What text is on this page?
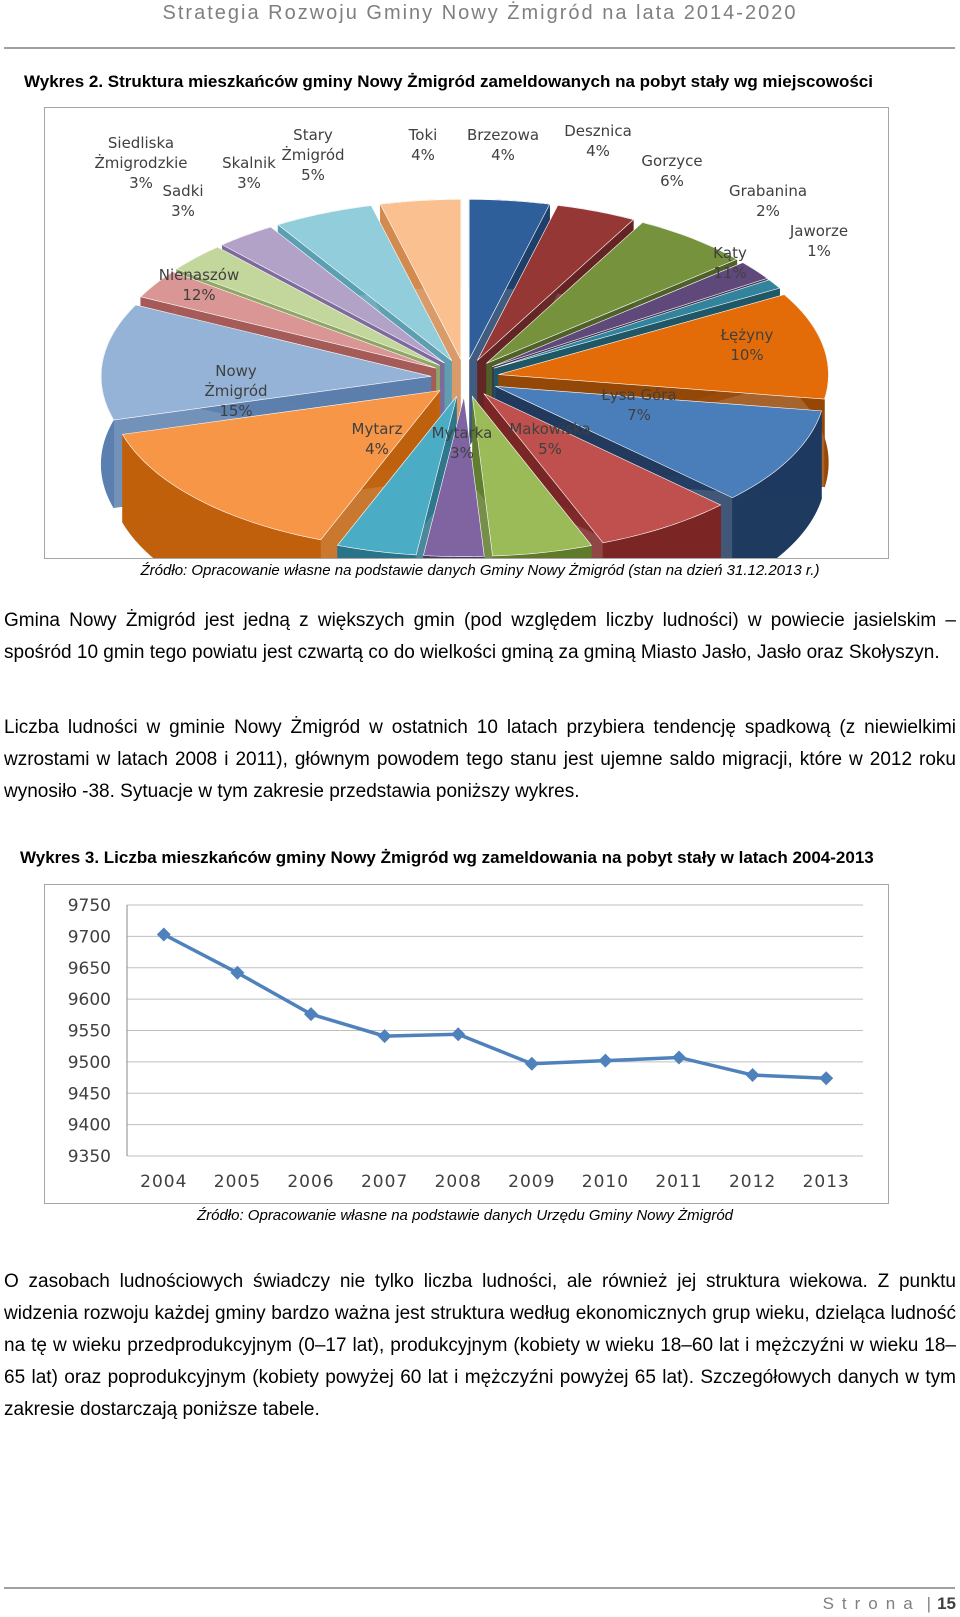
Strategia Rozwoju Gminy Nowy Żmigród na lata 2014-2020
Wykres 2. Struktura mieszkańców gminy Nowy Żmigród zameldowanych na pobyt stały wg miejscowości
Brzezowa 4%
Desznica 4%
Gorzyce 6%
Grabanina 2%
Jaworze 1%
Kąty 11%
Łężyny 10%
Łysa Góra 7%
Makowiska 5%
Mytarka 3%
Mytarz 4%
Nowy Żmigród 15%
Nienaszów 12%
Sadki 3%
Siedliska Żmigrodzkie 3%
Skalnik 3%
Stary Żmigród 5%
Toki 4%
Źródło: Opracowanie własne na podstawie danych Gminy Nowy Żmigród (stan na dzień 31.12.2013 r.)

Gmina Nowy Żmigród jest jedną z większych gmin (pod względem liczby ludności) w powiecie jasielskim – spośród 10 gmin tego powiatu jest czwartą co do wielkości gminą za gminą Miasto Jasło, Jasło oraz Skołyszyn.

Liczba ludności w gminie Nowy Żmigród w ostatnich 10 latach przybiera tendencję spadkową (z niewielkimi wzrostami w latach 2008 i 2011), głównym powodem tego stanu jest ujemne saldo migracji, które w 2012 roku wynosiło -38. Sytuacje w tym zakresie przedstawia poniższy wykres.

Wykres 3. Liczba mieszkańców gminy Nowy Żmigród wg zameldowania na pobyt stały w latach 2004-2013
9750
9700
9650
9600
9550
9500
9450
9400
9350
2004 2005 2006 2007 2008 2009 2010 2011 2012 2013
Źródło: Opracowanie własne na podstawie danych Urzędu Gminy Nowy Żmigród

O zasobach ludnościowych świadczy nie tylko liczba ludności, ale również jej struktura wiekowa. Z punktu widzenia rozwoju każdej gminy bardzo ważna jest struktura według ekonomicznych grup wieku, dzieląca ludność na tę w wieku przedprodukcyjnym (0–17 lat), produkcyjnym (kobiety w wieku 18–60 lat i mężczyźni w wieku 18–65 lat) oraz poprodukcyjnym (kobiety powyżej 60 lat i mężczyźni powyżej 65 lat). Szczegółowych danych w tym zakresie dostarczają poniższe tabele.

Strona | 15
